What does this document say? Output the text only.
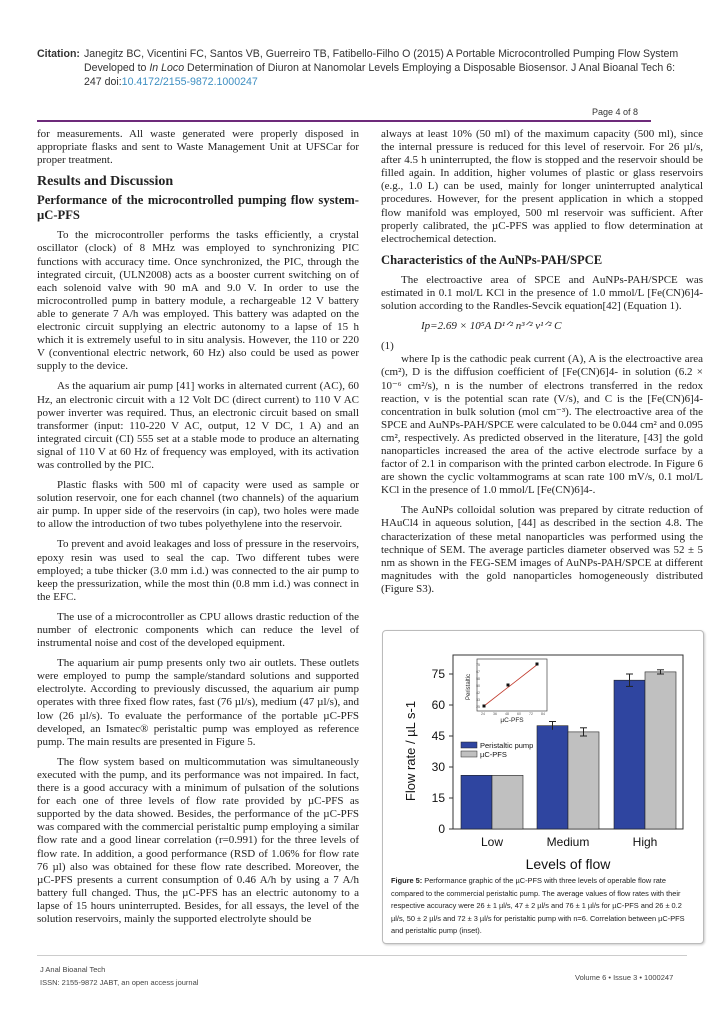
Citation: Janegitz BC, Vicentini FC, Santos VB, Guerreiro TB, Fatibello-Filho O (2015) A Portable Microcontrolled Pumping Flow System Developed to In Loco Determination of Diuron at Nanomolar Levels Employing a Disposable Biosensor. J Anal Bioanal Tech 6: 247 doi:10.4172/2155-9872.1000247
Page 4 of 8

for measurements. All waste generated were properly disposed in appropriate flasks and sent to Waste Management Unit at UFSCar for proper treatment.

Results and Discussion
Performance of the microcontrolled pumping flow system-µC-PFS

To the microcontroller performs the tasks efficiently, a crystal oscillator (clock) of 8 MHz was employed to synchronizing PIC functions with accuracy time. Once synchronized, the PIC, through the integrated circuit, (ULN2008) acts as a booster current switching on of each solenoid valve with 90 mA and 9.0 V. In order to use the microcontrolled pump in battery module, a rechargeable 12 V battery able to generate 7 A/h was employed. This battery was adapted on the electronic circuit supplying an electric autonomy to a lapse of 15 h which it is extremely useful to in situ analysis. However, the 110 or 220 V (conventional electric network, 60 Hz) also could be used as power supply to the device.

As the aquarium air pump [41] works in alternated current (AC), 60 Hz, an electronic circuit with a 12 Volt DC (direct current) to 110 V AC power inverter was required. Thus, an electronic circuit based on small transformer (input: 110-220 V AC, output, 12 V DC, 1 A) and an integrated circuit (CI) 555 set at a stable mode to produce an alternating signal of 110 V at 60 Hz of frequency was employed, with its activation was controlled by the PIC.

Plastic flasks with 500 ml of capacity were used as sample or solution reservoir, one for each channel (two channels) of the aquarium air pump. In upper side of the reservoirs (in cap), two holes were made to allow the introduction of two tubes polyethylene into the reservoir.

To prevent and avoid leakages and loss of pressure in the reservoirs, epoxy resin was used to seal the cap. Two different tubes were employed; a tube thicker (3.0 mm i.d.) was connected to the air pump to keep the pressurization, while the most thin (0.8 mm i.d.) was connect in the EFC.

The use of a microcontroller as CPU allows drastic reduction of the number of electronic components which can reduce the level of instrumental noise and cost of the developed equipment.

The aquarium air pump presents only two air outlets. These outlets were employed to pump the sample/standard solutions and supported electrolyte. According to previously discussed, the aquarium air pump operates with three fixed flow rates, fast (76 µl/s), medium (47 µl/s), and low (26 µl/s). To evaluate the performance of the portable µC-PFS developed, an Ismatec® peristaltic pump was employed as reference pump. The main results are presented in Figure 5.

The flow system based on multicommutation was simultaneously executed with the pump, and its performance was not impaired. In fact, there is a good accuracy with a minimum of pulsation of the solutions for each one of three levels of flow rate provided by µC-PFS as supported by the data showed. Besides, the performance of the µC-PFS was compared with the commercial peristaltic pump employing a similar flow rate and a good linear correlation (r=0.991) for the three levels of flow rate. In addition, a good performance (RSD of 1.06% for flow rate 76 µl) also was obtained for these flow rate described. Moreover, the µC-PFS presents a current consumption of 0.46 A/h by using a 7 A/h battery full changed. Thus, the µC-PFS has an electric autonomy to a lapse of 15 hours uninterrupted. Besides, for all essays, the level of the solution reservoirs, mainly the supported electrolyte should be

always at least 10% (50 ml) of the maximum capacity (500 ml), since the internal pressure is reduced for this level of reservoir. For 26 µl/s, after 4.5 h uninterrupted, the flow is stopped and the reservoir should be filled again. In addition, higher volumes of plastic or glass reservoirs (e.g., 1.0 L) can be used, mainly for longer uninterrupted analytical procedures. However, for the present application in which a stopped flow manifold was employed, 500 ml reservoir was sufficient. After properly calibrated, the µC-PFS was applied to flow determination at electrochemical detection.

Characteristics of the AuNPs-PAH/SPCE

The electroactive area of SPCE and AuNPs-PAH/SPCE was estimated in 0.1 mol/L KCl in the presence of 1.0 mmol/L [Fe(CN)6]4- solution according to the Randles-Sevcik equation[42] (Equation 1).

Ip=2.69 × 10⁵A D¹ᐟ² n³ᐟ² v¹ᐟ² C

(1)

where Ip is the cathodic peak current (A), A is the electroactive area (cm²), D is the diffusion coefficient of [Fe(CN)6]4- in solution (6.2 × 10⁻⁶ cm²/s), n is the number of electrons transferred in the redox reaction, v is the potential scan rate (V/s), and C is the [Fe(CN)6]4- concentration in bulk solution (mol cm⁻³). The electroactive area of the SPCE and AuNPs-PAH/SPCE were calculated to be 0.044 cm² and 0.095 cm², respectively. As predicted observed in the literature, [43] the gold nanoparticles increased the area of the active electrode surface by a factor of 2.1 in comparison with the printed carbon electrode. In Figure 6 are shown the cyclic voltammograms at scan rate 100 mV/s, 0.1 mol/L KCl in the presence of 1.0 mmol/L [Fe(CN)6]4-.

The AuNPs colloidal solution was prepared by citrate reduction of HAuCl4 in aqueous solution, [44] as described in the section 4.8. The characterization of these metal nanoparticles was performed using the technique of SEM. The average particles diameter observed was 52 ± 5 nm as shown in the FEG-SEM images of AuNPs-PAH/SPCE at different magnitudes with the gold nanoparticles homogeneously distributed (Figure S3).

Flow rate / µL s-1
0
15
30
45
60
75
Low	Medium	High
Levels of flow
Peristaltic pump
µC-PFS
Peristaltic
µC-PFS
24 36 48 60 72 84
25
33
42
50
58
67
75
Figure 5: Performance graphic of the µC-PFS with three levels of operable flow rate compared to the commercial peristaltic pump. The average values of flow rates with their respective accuracy were 26 ± 1 µl/s, 47 ± 2 µl/s and 76 ± 1 µl/s for µC-PFS and 26 ± 0.2 µl/s, 50 ± 2 µl/s and 72 ± 3 µl/s for peristaltic pump with n=6. Correlation between µC-PFS and peristaltic pump (inset).
J Anal Bioanal Tech
ISSN: 2155-9872 JABT, an open access journal	Volume 6 • Issue 3 • 1000247
